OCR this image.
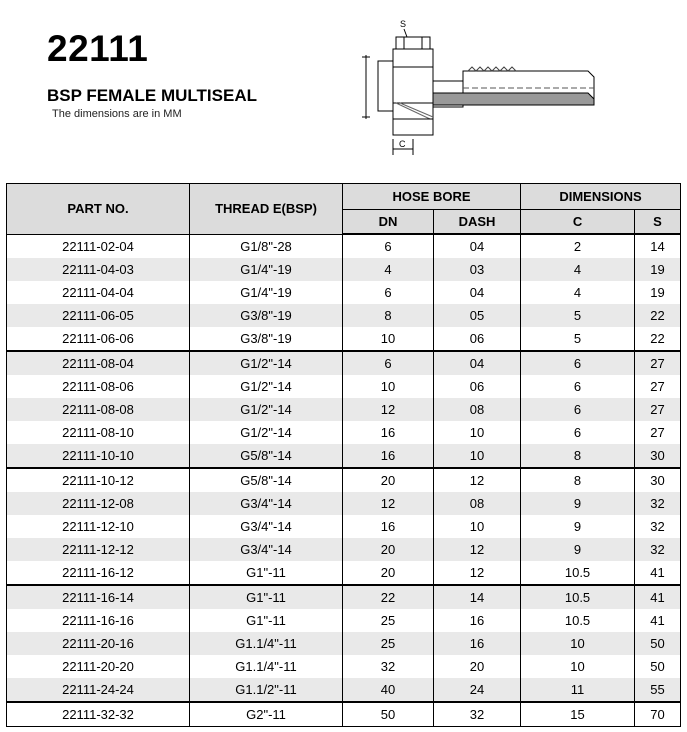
22111
BSP FEMALE MULTISEAL
The dimensions are in MM
S
C
PART NO.	THREAD E(BSP)	HOSE BORE		DIMENSIONS	
		DN	DASH	C	S
22111-02-04	G1/8"-28	6	04	2	14
22111-04-03	G1/4"-19	4	03	4	19
22111-04-04	G1/4"-19	6	04	4	19
22111-06-05	G3/8"-19	8	05	5	22
22111-06-06	G3/8"-19	10	06	5	22
22111-08-04	G1/2"-14	6	04	6	27
22111-08-06	G1/2"-14	10	06	6	27
22111-08-08	G1/2"-14	12	08	6	27
22111-08-10	G1/2"-14	16	10	6	27
22111-10-10	G5/8"-14	16	10	8	30
22111-10-12	G5/8"-14	20	12	8	30
22111-12-08	G3/4"-14	12	08	9	32
22111-12-10	G3/4"-14	16	10	9	32
22111-12-12	G3/4"-14	20	12	9	32
22111-16-12	G1"-11	20	12	10.5	41
22111-16-14	G1"-11	22	14	10.5	41
22111-16-16	G1"-11	25	16	10.5	41
22111-20-16	G1.1/4"-11	25	16	10	50
22111-20-20	G1.1/4"-11	32	20	10	50
22111-24-24	G1.1/2"-11	40	24	11	55
22111-32-32	G2"-11	50	32	15	70
